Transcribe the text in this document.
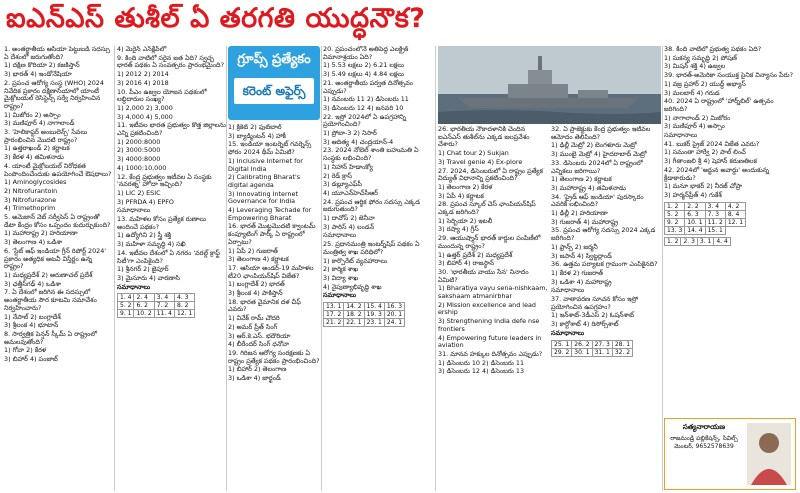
ఐఎన్ఎస్ తుశీల్ ఏ తరగతి యుద్ధనౌక?

1. అంతర్జాతీయ ఆసియా పెట్టుబడి సదస్సు ఏ దేశంలో జరుగుతోంది?

1) దక్షిణ కొరియా 2) కజకిస్తాన్

3) భారత్ 4) ఇండోనేషియా

2. ప్రపంచ ఆరోగ్య సంస్థ (WHO) 2024 నివేదిక ప్రకారం దక్షిణాసియాలో యాంటీ మైక్రోబయల్ రెసిస్టెన్స్ సర్వే నిర్వహించిన రాష్ట్రం?

1) మిజోరం 2) అస్సాం

3) మణిపూర్ 4) నాగాలాండ్

3. 'హెలికాప్టర్ అంబులెన్స్' సేవలు ప్రారంభించిన మొదటి రాష్ట్రం?

1) ఉత్తరాఖండ్ 2) కర్ణాటక

3) కేరళ 4) తమిళనాడు

4. యాంటీ మైక్రోబయల్ నిరోధకత పెంపొందించేందుకు ఉపయోగించే ఔషధాలు?

1) Aminoglycosides

2) Nitrofurantoin

3) Nitrofurazone

4) Trimethoprim

5. అమెజాన్ వెబ్ సర్వీసెస్ ఏ రాష్ట్రంతో డేటా కేంద్రం కోసం ఒప్పందం కుదుర్చుకుంది?

1) మహారాష్ట్ర 2) హరియాణా

3) తెలంగాణ 4) ఒడిశా

6. 'స్టేట్ ఆఫ్ ఇండియా గ్రీన్ రిపోర్ట్ 2024' ప్రకారం అత్యధిక అటవీ విస్తీర్ణం ఉన్న రాష్ట్రం?

1) మధ్యప్రదేశ్ 2) అరుణాచల్ ప్రదేశ్

3) ఛత్తీస్‌గఢ్ 4) ఒడిశా

7. ఏ దేశంలో జరిగిన ఈ సదస్సులో అంతర్జాతీయ సౌర కూటమి సమావేశం నిర్వహించారు?

1) నేపాల్ 2) బంగ్లాదేశ్

3) శ్రీలంక 4) భూటాన్

8. సార్వత్రిక పెన్షన్ స్కీమ్ ఏ రాష్ట్రంలో అమలవుతోంది?

1) గోవా 2) కేరళ

3) బిహార్ 4) పంజాబ్

4) మెరైన్ ఎన్‌క్లేవ్‌లో

9. కింది వాటిలో సరైన జత ఏది? స్వచ్ఛ భారత్ పథకం ఏ సంవత్సరం ప్రారంభమైంది?

1) 2012 2) 2014

3) 2016 4) 2018

10. పీఎం ఉజ్వల యోజన పథకంలో లబ్ధిదారుల సంఖ్య?

1) 2,000 2) 3,000

3) 4,000 4) 5,000

11. ఇటీవల భారత ప్రభుత్వం కొత్త జిల్లాలను ఎన్ని ప్రకటించింది?

1) 2000:8000

2) 3000:5000

3) 4000:8000

4) 1000:10,000

12. కేంద్ర ప్రభుత్వం ఇటీవల ఏ సంస్థకు 'నవరత్న' హోదా ఇచ్చింది?

1) LIC 2) ESIC

3) PFRDA 4) EPFO

సమాధానాలు

13. మహిళల కోసం ప్రత్యేక రుణాలు అందించే పథకం?

1) ఉద్యోగిని 2) స్త్రీ శక్తి

3) మహిళా సమృద్ధి 4) సఖి

14. ఇటీవల దేశంలో ఏ నగరం 'వరల్డ్ క్రాఫ్ట్ సిటీ'గా ఎంపికైంది?

1) శ్రీనగర్ 2) జైపూర్

3) మైసూరు 4) వారణాసి

సమాధానాలు
1. 4	2. 4	3. 4	4. 3
5. 2	6. 2	7. 2	8. 2
9. 1	10. 2	11. 4	12. 1
గ్రూప్స్ ప్రత్యేకం
కరెంట్ అఫైర్స్

1) క్రికెట్ 2) ఫుట్‌బాల్

3) బ్యాడ్మింటన్ 4) హాకీ

15. ఇండియా ఇంటర్నెట్ గవర్నెన్స్ ఫోరం 2024 థీమ్ ఏమిటి?

1) Inclusive Internet for Digital India

2) Calibrating Bharat's digital agenda

3) Innovating Internet Governance for India

4) Leveraging Techade for Empowering Bharat

16. భారత్ మొట్టమొదటి క్వాంటమ్ కంప్యూటింగ్ పార్క్ ఏ రాష్ట్రంలో ఏర్పాటు?

1) ఏపీ 2) గుజరాత్

3) తెలంగాణ 4) కర్ణాటక

17. ఆసియా అండర్-19 మహిళల టీ20 ఛాంపియన్‌షిప్ విజేత?

1) బంగ్లాదేశ్ 2) భారత్

3) శ్రీలంక 4) పాకిస్తాన్

18. భారత వైమానిక దళ చీఫ్ ఎవరు?

1) వివేక్ రామ్ చౌదరి

2) అమర్ ప్రీత్ సింగ్

3) ఆర్.కె.ఎస్. భదౌరియా

4) బీరేందర్ సింగ్ ధనోవా

19. గిరిజన ఆరోగ్య సంరక్షణకు ఏ రాష్ట్రం ప్రత్యేక పథకం ప్రారంభించింది?

1) బిహార్ 2) తెలంగాణ

3) ఒడిశా 4) జార్ఖండ్

20. ప్రపంచంలోనే అతిపెద్ద ఎలక్ట్రిక్ విమానాశ్రయం ఏది?

1) 5.53 లక్షలు 2) 6.21 లక్షలు

3) 5.49 లక్షలు 4) 4.84 లక్షలు

21. అంతర్జాతీయ పర్వత దినోత్సవం ఎప్పుడు?

1) నవంబరు 11 2) డిసెంబరు 11

3) డిసెంబరు 12 4) జనవరి 10

22. ఇస్రో 2024లో ఏ ఉపగ్రహాన్ని ప్రయోగించింది?

1) ప్రోబా-3 2) నిసార్

3) ఆదిత్య 4) చంద్రయాన్-4

23. 2024 నోబెల్ శాంతి బహుమతి ఏ సంస్థకు లభించింది?

1) నిహాన్ హిడాంక్యో

2) రెడ్ క్రాస్

3) డబ్ల్యూఎఫ్‌పీ

4) యూఎన్‌హెచ్‌సీఆర్

24. ప్రపంచ ఆర్థిక ఫోరం సదస్సు ఎక్కడ జరుగుతుంది?

1) దావోస్ 2) జెనీవా

3) పారిస్ 4) లండన్

సమాధానాలు

25. ప్రధానమంత్రి ఇంటర్న్‌షిప్ పథకం ఏ మంత్రిత్వ శాఖ పరిధిలో?

1) కార్పొరేట్ వ్యవహారాలు

2) కార్మిక శాఖ

3) విద్యా శాఖ

4) నైపుణ్యాభివృద్ధి శాఖ

సమాధానాలు
13. 1	14. 2	15. 4	16. 3
17. 2	18. 2	19. 3	20. 1
21. 2	22. 1	23. 1	24. 1

26. భారతీయ నౌకాదళానికి చెందిన ఐఎన్ఎస్ తుశీల్‌ను ఎక్కడ జలప్రవేశం చేశారు?

1) Chat tour 2) Sukjan

3) Travel genie 4) Ex-plore

27. 2024, డిసెంబరులో ఏ రాష్ట్రం ప్రత్యేక విద్యుత్ విధానాన్ని ప్రకటించింది?

1) తెలంగాణ 2) కేరళ

3) ఏపీ 4) కర్ణాటక

28. ప్రపంచ స్కూల్ చెస్ ఛాంపియన్‌షిప్ ఎక్కడ జరిగింది?

1) సెర్బియా 2) ఇటలీ

3) రష్యా 4) గ్రీస్

29. ఆయుష్మాన్ భారత్ కార్డుల పంపిణీలో ముందున్న రాష్ట్రం?

1) ఉత్తర్ ప్రదేశ్ 2) మధ్యప్రదేశ్

3) బిహార్ 4) రాజస్థాన్

30. 'భారతీయ వాయు సేన' నినాదం ఏమిటి?

1) Bharatiya vayu sena-nishkaam, sakshaam atmanirbhar

2) Mission excellence and lead ership

3) Strengthening India defe nse frontiers

4) Empowering future leaders in aviation

31. మానవ హక్కుల దినోత్సవం ఎప్పుడు?

1) డిసెంబరు 10 2) డిసెంబరు 11

3) డిసెంబరు 12 4) డిసెంబరు 13

32. ఏ ప్రాజెక్టుకు కేంద్ర ప్రభుత్వం ఇటీవల ఆమోదం తెలిపింది?

1) ఢిల్లీ మెట్రో 2) బెంగళూరు మెట్రో

3) ముంబై మెట్రో 4) హైదరాబాద్ మెట్రో

33. డిసెంబరు 2024లో ఏ రాష్ట్రంలో ఎన్నికలు జరిగాయి?

1) తెలంగాణ 2) కర్ణాటక

3) మహారాష్ట్ర 4) తమిళనాడు

34. 'ప్రైడ్ ఆఫ్ ఇండియా' పురస్కారం ఎవరికి లభించింది?

1) ఢిల్లీ 2) హరియాణా

3) గుజరాత్ 4) మహారాష్ట్ర

35. ప్రపంచ ఆరోగ్య సదస్సు 2024 ఎక్కడ జరిగింది?

1) ఫ్రాన్స్ 2) జర్మనీ

3) జపాన్ 4) స్విట్జర్లాండ్

36. ఉత్తమ పర్యాటక గ్రామంగా ఎంపికైనది?

1) కేరళ 2) గుజరాత్

3) ఒడిశా 4) మహారాష్ట్ర

సమాధానాలు

37. వాతావరణ సూచన కోసం ఇస్రో ప్రయోగించిన ఉపగ్రహం?

1) ఇన్‌శాట్-3డీఎస్ 2) ఓషన్‌శాట్

3) కార్టోశాట్ 4) రిసోర్స్‌శాట్

సమాధానాలు
25. 1	26. 2	27. 3	28. 1
29. 2	30. 1	31. 1	32. 2

38. కింది వాటిలో ప్రభుత్వ పథకం ఏది?

1) సుకన్య సమృద్ధి 2) పోషణ్

3) మిషన్ శక్తి 4) ఉజ్వల

39. భారత్-అమెరికా సంయుక్త సైనిక విన్యాసం పేరు?

1) వజ్ర ప్రహార్ 2) యుద్ధ్ అభ్యాస్

3) మలబార్ 4) గరుడ

40. 2024 ఏ రాష్ట్రంలో 'హార్న్‌బిల్' ఉత్సవం జరిగింది?

1) నాగాలాండ్ 2) మిజోరం

3) మణిపూర్ 4) అస్సాం

సమాధానాలు

41. బుకర్ ప్రైజ్ 2024 విజేత ఎవరు?

1) సమంతా హార్వే 2) పాల్ లించ్

3) గీతాంజలి శ్రీ 4) షెహాన్ కరుణతిలక

42. 2024లో 'అర్జున అవార్డు' అందుకున్న క్రీడాకారుడు?

1) మనూ భాకర్ 2) నీరజ్ చోప్రా

3) హర్మన్‌ప్రీత్ 4) గుకేశ్

1. 2	2. 2	3. 4	4. 2
5. 2	6. 3	7. 3	8. 4
9. 2	10. 1	11. 2	12. 1
13. 3	14. 4	15. 1	
1. 2	2. 3	3. 1	4. 4
సత్యనారాయణ
రాజమండ్రి పబ్లికేషన్స్, సివిల్స్ మెంటర్, 9652578639
